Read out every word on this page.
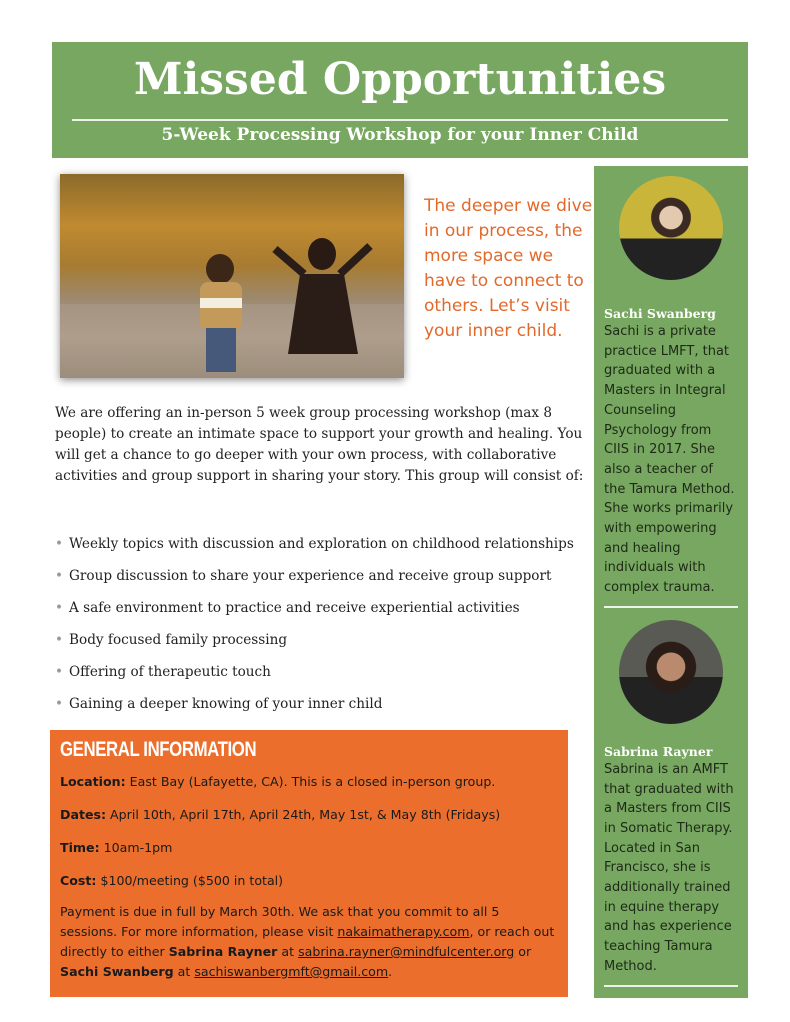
Missed Opportunities
5-Week Processing Workshop for your Inner Child
The deeper we dive in our process, the more space we have to connect to others. Let’s visit your inner child.

We are offering an in-person 5 week group processing workshop (max 8 people) to create an intimate space to support your growth and healing. You will get a chance to go deeper with your own process, with collaborative activities and group support in sharing your story. This group will consist of:

• Weekly topics with discussion and exploration on childhood relationships
• Group discussion to share your experience and receive group support
• A safe environment to practice and receive experiential activities
• Body focused family processing
• Offering of therapeutic touch
• Gaining a deeper knowing of your inner child
GENERAL INFORMATION

Location: East Bay (Lafayette, CA). This is a closed in-person group.

Dates: April 10th, April 17th, April 24th, May 1st, & May 8th (Fridays)

Time: 10am-1pm

Cost: $100/meeting ($500 in total)

Payment is due in full by March 30th. We ask that you commit to all 5 sessions. For more information, please visit nakaimatherapy.com, or reach out directly to either Sabrina Rayner at sabrina.rayner@mindfulcenter.org or Sachi Swanberg at sachiswanbergmft@gmail.com.

Sachi Swanberg
Sachi is a private practice LMFT, that graduated with a Masters in Integral Counseling Psychology from CIIS in 2017. She also a teacher of the Tamura Method. She works primarily with empowering and healing individuals with complex trauma.
Sabrina Rayner
Sabrina is an AMFT that graduated with a Masters from CIIS in Somatic Therapy. Located in San Francisco, she is additionally trained in equine therapy and has experience teaching Tamura Method.
